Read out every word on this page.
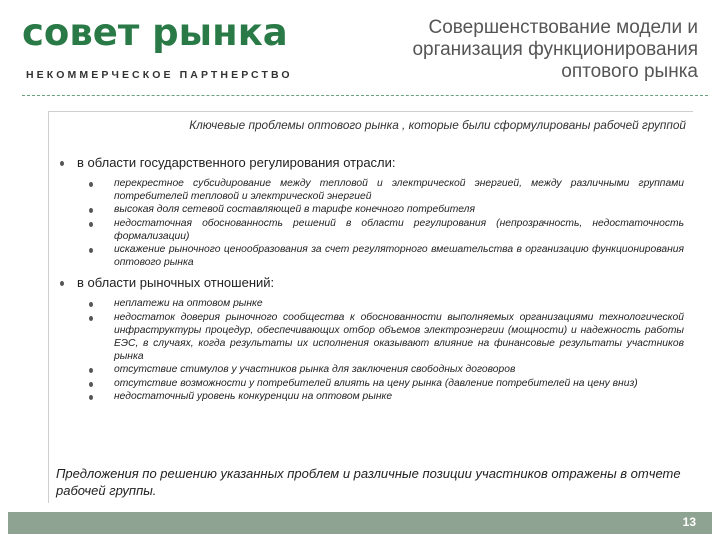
совет рынка
НЕКОММЕРЧЕСКОЕ ПАРТНЕРСТВО
Совершенствование модели и организация функционирования оптового рынка
Ключевые проблемы оптового рынка , которые были сформулированы рабочей группой
в области государственного регулирования отрасли:
перекрестное субсидирование между тепловой и электрической энергией, между различными группами потребителей тепловой и электрической энергией
высокая доля сетевой составляющей в тарифе конечного потребителя
недостаточная обоснованность решений в области регулирования (непрозрачность, недостаточность формализации)
искажение рыночного ценообразования за счет регуляторного вмешательства в организацию функционирования оптового рынка
в области рыночных отношений:
неплатежи на оптовом рынке
недостаток доверия рыночного сообщества к обоснованности выполняемых организациями технологической инфраструктуры процедур, обеспечивающих отбор объемов электроэнергии (мощности) и надежность работы ЕЭС, в случаях, когда результаты их исполнения оказывают влияние на финансовые результаты участников рынка
отсутствие стимулов у участников рынка для заключения свободных договоров
отсутствие возможности у потребителей влиять на цену рынка (давление потребителей на цену вниз)
недостаточный уровень конкуренции на оптовом рынке
Предложения по решению указанных проблем и различные позиции участников отражены в отчете рабочей группы.
13
